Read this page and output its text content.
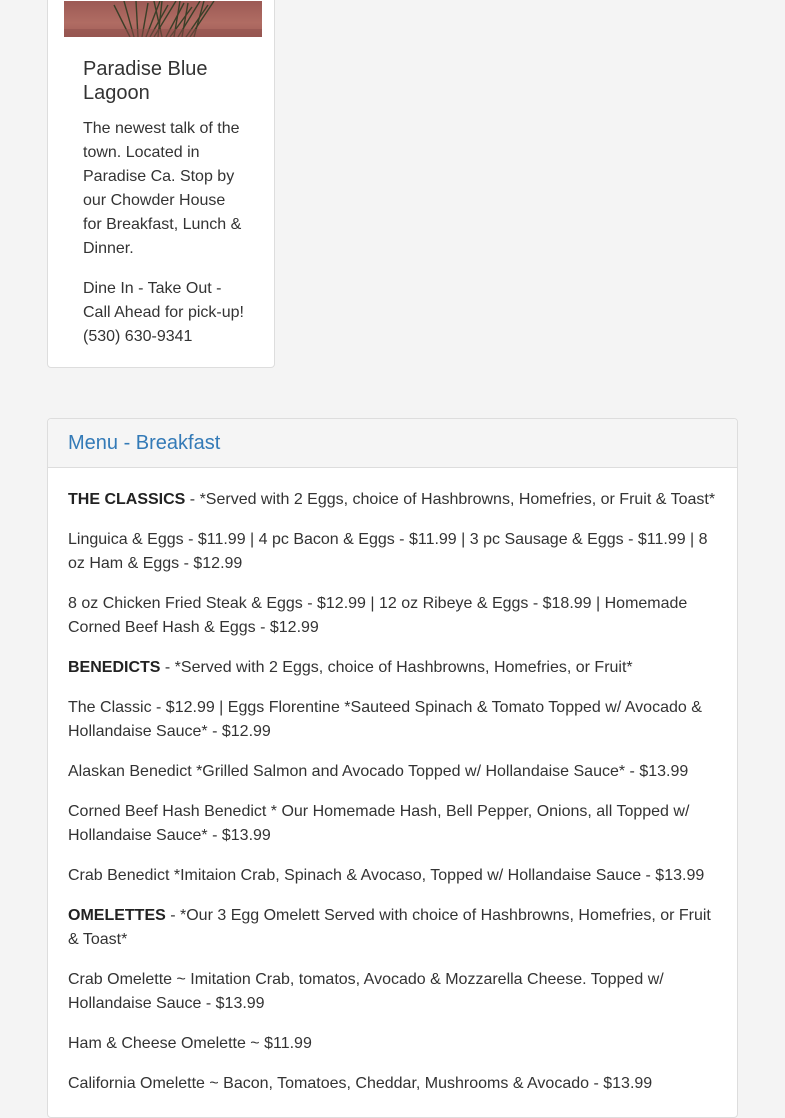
Paradise Blue Lagoon

The newest talk of the town. Located in Paradise Ca. Stop by our Chowder House for Breakfast, Lunch & Dinner.

Dine In - Take Out - Call Ahead for pick-up! (530) 630-9341

Menu - Breakfast

THE CLASSICS - *Served with 2 Eggs, choice of Hashbrowns, Homefries, or Fruit & Toast*

Linguica & Eggs - $11.99 | 4 pc Bacon & Eggs - $11.99 | 3 pc Sausage & Eggs - $11.99 | 8 oz Ham & Eggs - $12.99

8 oz Chicken Fried Steak & Eggs - $12.99 | 12 oz Ribeye & Eggs - $18.99 | Homemade Corned Beef Hash & Eggs - $12.99

BENEDICTS - *Served with 2 Eggs, choice of Hashbrowns, Homefries, or Fruit*

The Classic - $12.99 | Eggs Florentine *Sauteed Spinach & Tomato Topped w/ Avocado & Hollandaise Sauce* - $12.99

Alaskan Benedict *Grilled Salmon and Avocado Topped w/ Hollandaise Sauce* - $13.99

Corned Beef Hash Benedict * Our Homemade Hash, Bell Pepper, Onions, all Topped w/ Hollandaise Sauce* - $13.99

Crab Benedict *Imitaion Crab, Spinach & Avocaso, Topped w/ Hollandaise Sauce - $13.99

OMELETTES - *Our 3 Egg Omelett Served with choice of Hashbrowns, Homefries, or Fruit & Toast*

Crab Omelette ~ Imitation Crab, tomatos, Avocado & Mozzarella Cheese. Topped w/ Hollandaise Sauce - $13.99

Ham & Cheese Omelette ~ $11.99

California Omelette ~ Bacon, Tomatoes, Cheddar, Mushrooms & Avocado - $13.99
